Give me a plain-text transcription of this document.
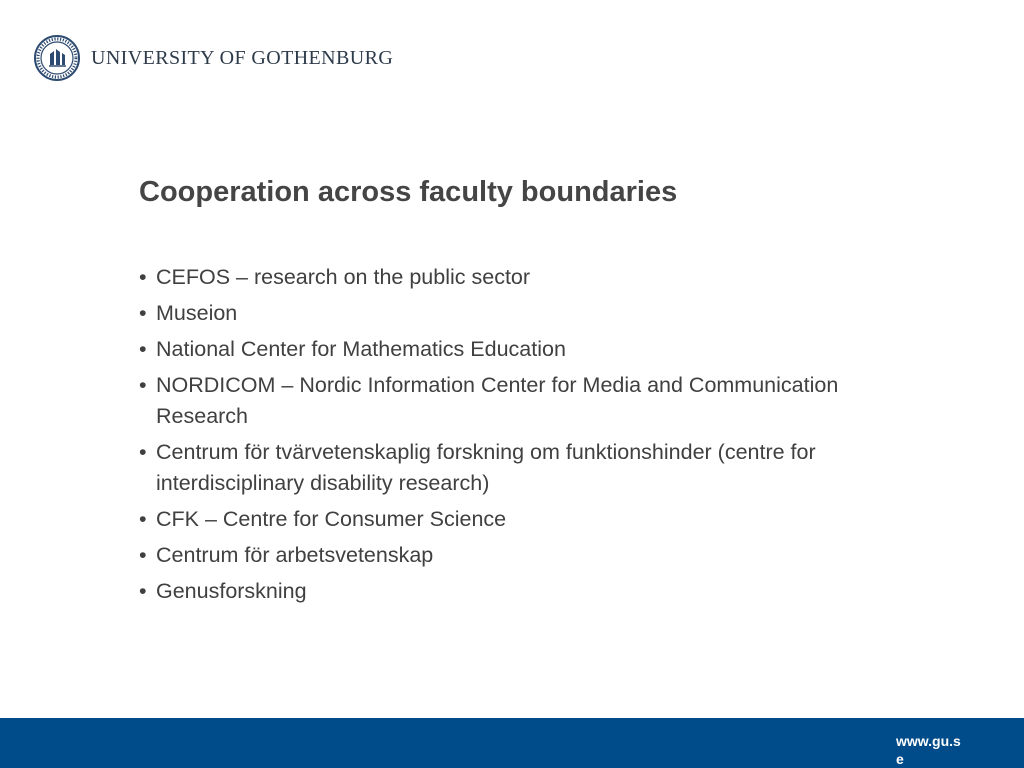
UNIVERSITY OF GOTHENBURG
Cooperation across faculty boundaries
• CEFOS – research on the public sector
• Museion
• National Center for Mathematics Education
• NORDICOM – Nordic Information Center for Media and Communication Research
• Centrum för tvärvetenskaplig forskning om funktionshinder (centre for interdisciplinary disability research)
• CFK – Centre for Consumer Science
• Centrum för arbetsvetenskap
• Genusforskning
www.gu.se
